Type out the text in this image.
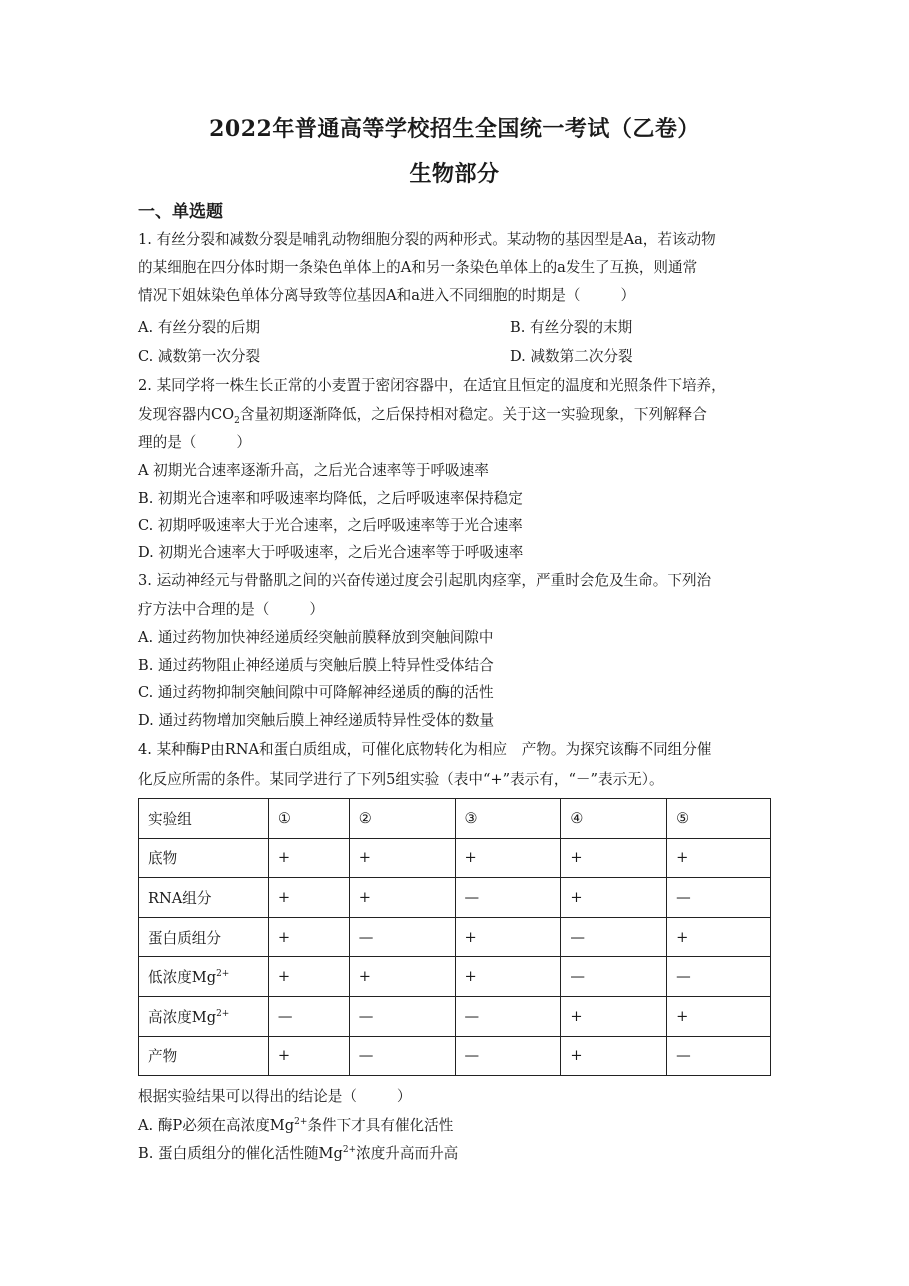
2022年普通高等学校招生全国统一考试（乙卷）
生物部分
一、单选题
1. 有丝分裂和减数分裂是哺乳动物细胞分裂的两种形式。某动物的基因型是Aa，若该动物
的某细胞在四分体时期一条染色单体上的A和另一条染色单体上的a发生了互换，则通常
情况下姐妹染色单体分离导致等位基因A和a进入不同细胞的时期是（	）
A. 有丝分裂的后期	B. 有丝分裂的末期
C. 减数第一次分裂	D. 减数第二次分裂
2. 某同学将一株生长正常的小麦置于密闭容器中，在适宜且恒定的温度和光照条件下培养，
发现容器内$CO_2$含量初期逐渐降低，之后保持相对稳定。关于这一实验现象，下列解释合
理的是（	）
A 初期光合速率逐渐升高，之后光合速率等于呼吸速率
B. 初期光合速率和呼吸速率均降低，之后呼吸速率保持稳定
C. 初期呼吸速率大于光合速率，之后呼吸速率等于光合速率
D. 初期光合速率大于呼吸速率，之后光合速率等于呼吸速率
3. 运动神经元与骨骼肌之间的兴奋传递过度会引起肌肉痉挛，严重时会危及生命。下列治
疗方法中合理的是（	）
A. 通过药物加快神经递质经突触前膜释放到突触间隙中
B. 通过药物阻止神经递质与突触后膜上特异性受体结合
C. 通过药物抑制突触间隙中可降解神经递质的酶的活性
D. 通过药物增加突触后膜上神经递质特异性受体的数量
4. 某种酶P由RNA和蛋白质组成，可催化底物转化为相应　产物。为探究该酶不同组分催
化反应所需的条件。某同学进行了下列5组实验（表中“+”表示有，“－”表示无）。
实验组	①	②	③	④	⑤
底物	+	+	+	+	+
RNA组分	+	+	—	+	—
蛋白质组分	+	—	+	—	+
低浓度$Mg^{2+}$	+	+	+	—	—
高浓度$Mg^{2+}$	—	—	—	+	+
产物	+	—	—	+	—
根据实验结果可以得出的结论是（	）
A. 酶P必须在高浓度$Mg^{2+}$条件下才具有催化活性
B. 蛋白质组分的催化活性随$Mg^{2+}$浓度升高而升高
